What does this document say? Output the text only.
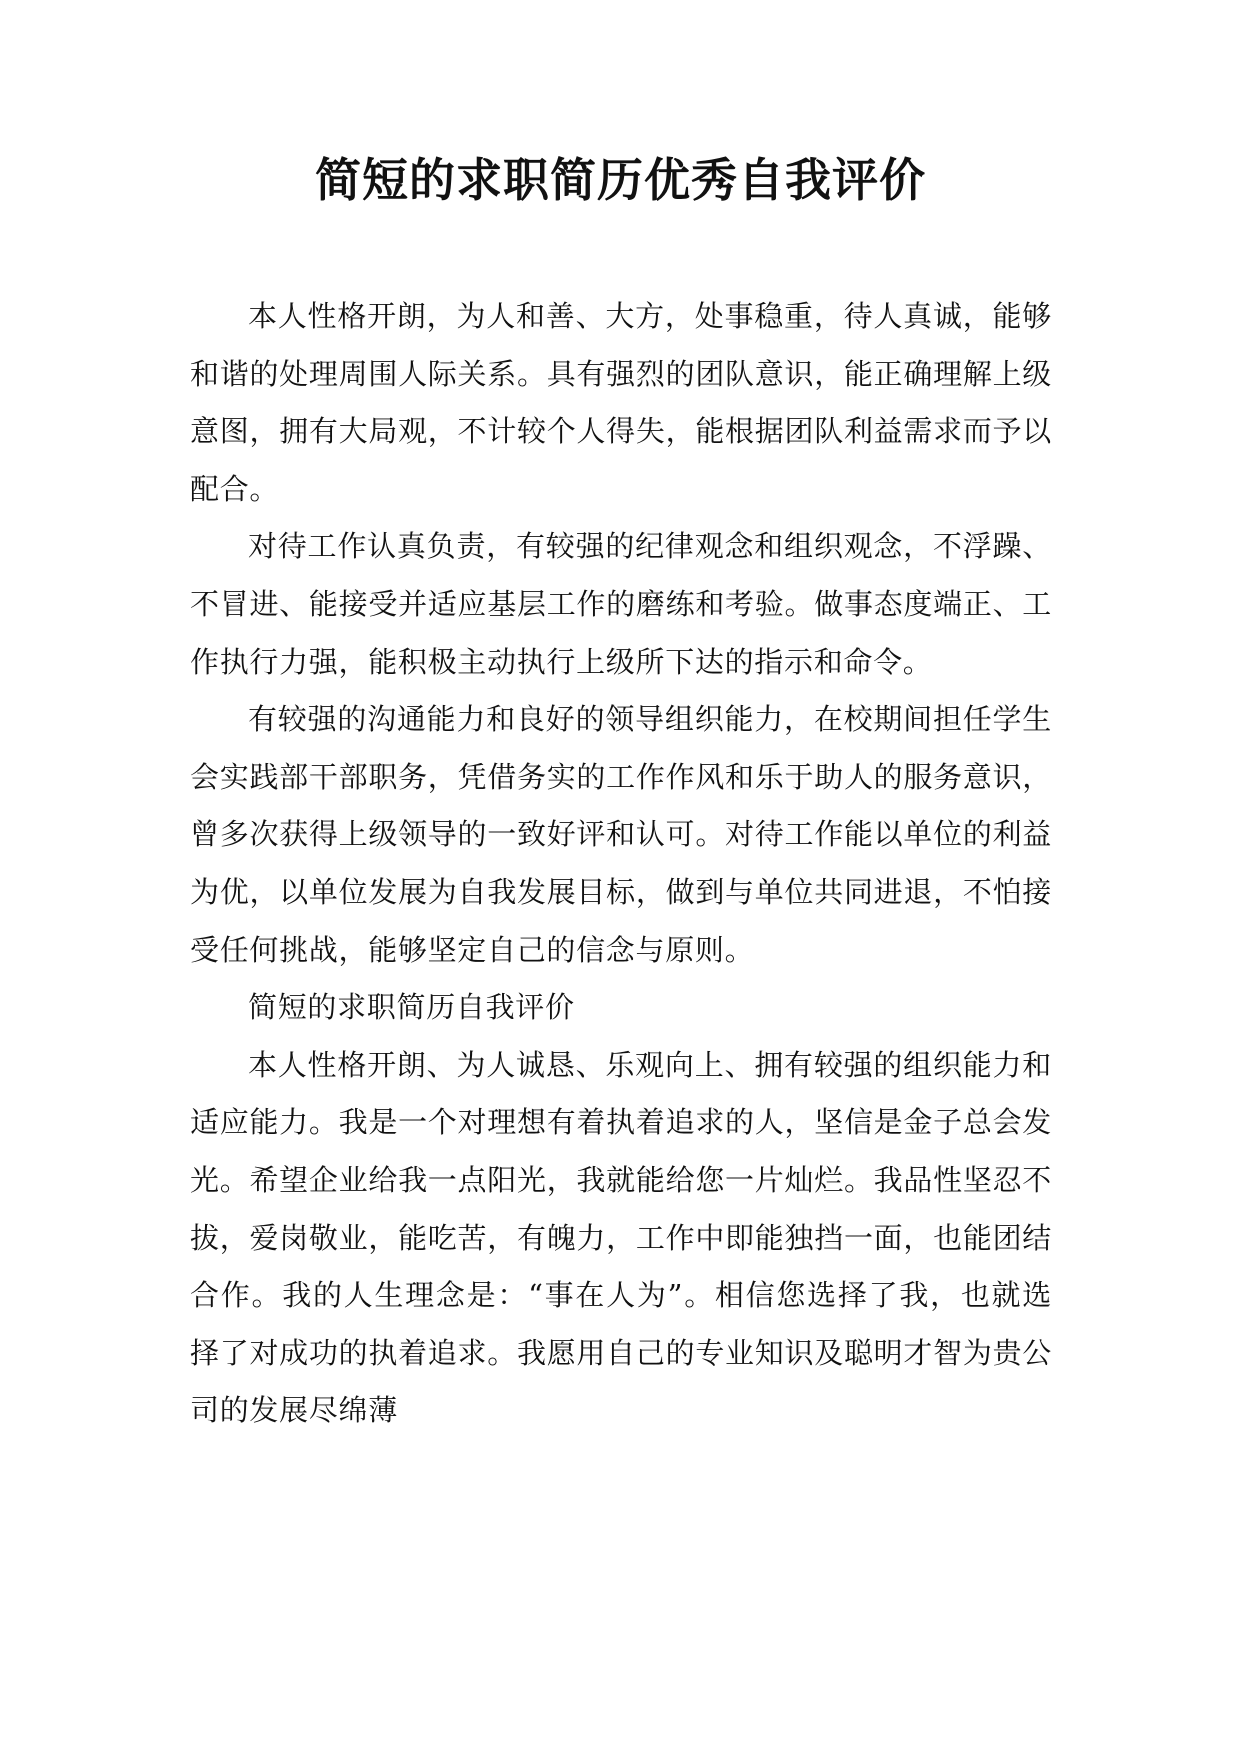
简短的求职简历优秀自我评价

本人性格开朗，为人和善、大方，处事稳重，待人真诚，能够和谐的处理周围人际关系。具有强烈的团队意识，能正确理解上级意图，拥有大局观，不计较个人得失，能根据团队利益需求而予以配合。

对待工作认真负责，有较强的纪律观念和组织观念，不浮躁、不冒进、能接受并适应基层工作的磨练和考验。做事态度端正、工作执行力强，能积极主动执行上级所下达的指示和命令。

有较强的沟通能力和良好的领导组织能力，在校期间担任学生会实践部干部职务，凭借务实的工作作风和乐于助人的服务意识，曾多次获得上级领导的一致好评和认可。对待工作能以单位的利益为优，以单位发展为自我发展目标，做到与单位共同进退，不怕接受任何挑战，能够坚定自己的信念与原则。

简短的求职简历自我评价

本人性格开朗、为人诚恳、乐观向上、拥有较强的组织能力和适应能力。我是一个对理想有着执着追求的人，坚信是金子总会发光。希望企业给我一点阳光，我就能给您一片灿烂。我品性坚忍不拔，爱岗敬业，能吃苦，有魄力，工作中即能独挡一面，也能团结合作。我的人生理念是：“事在人为”。相信您选择了我，也就选择了对成功的执着追求。我愿用自己的专业知识及聪明才智为贵公司的发展尽绵薄
